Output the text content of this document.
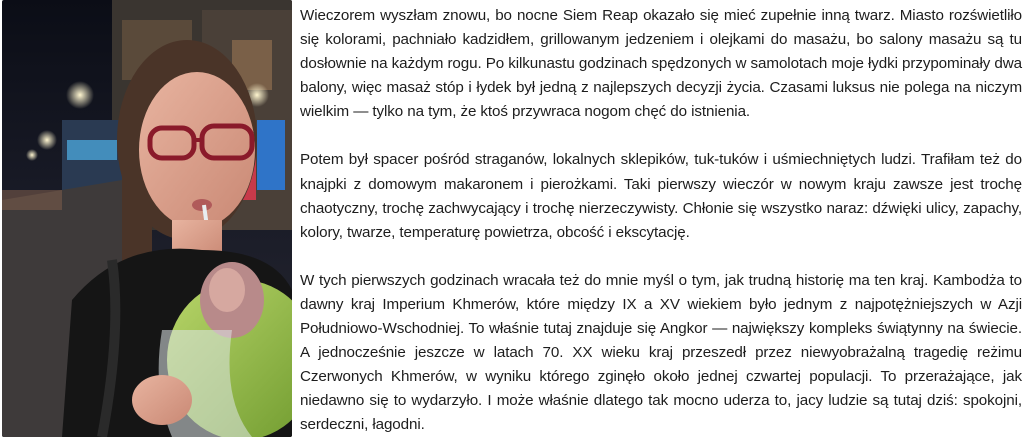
Wieczorem wyszłam znowu, bo nocne Siem Reap okazało się mieć zupełnie inną twarz. Miasto rozświetliło się kolorami, pachniało kadzidłem, grillowanym jedzeniem i olejkami do masażu, bo salony masażu są tu dosłownie na każdym rogu. Po kilkunastu godzinach spędzonych w samolotach moje łydki przypominały dwa balony, więc masaż stóp i łydek był jedną z najlepszych decyzji życia. Czasami luksus nie polega na niczym wielkim — tylko na tym, że ktoś przywraca nogom chęć do istnienia.

Potem był spacer pośród straganów, lokalnych sklepików, tuk-tuków i uśmiechniętych ludzi. Trafiłam też do knajpki z domowym makaronem i pierożkami. Taki pierwszy wieczór w nowym kraju zawsze jest trochę chaotyczny, trochę zachwycający i trochę nierzeczywisty. Chłonie się wszystko naraz: dźwięki ulicy, zapachy, kolory, twarze, temperaturę powietrza, obcość i ekscytację.

W tych pierwszych godzinach wracała też do mnie myśl o tym, jak trudną historię ma ten kraj. Kambodża to dawny kraj Imperium Khmerów, które między IX a XV wiekiem było jednym z najpotężniejszych w Azji Południowo-Wschodniej. To właśnie tutaj znajduje się Angkor — największy kompleks świątynny na świecie. A jednocześnie jeszcze w latach 70. XX wieku kraj przeszedł przez niewyobrażalną tragedię reżimu Czerwonych Khmerów, w wyniku którego zginęło około jednej czwartej populacji. To przerażające, jak niedawno się to wydarzyło. I może właśnie dlatego tak mocno uderza to, jacy ludzie są tutaj dziś: spokojni, serdeczni, łagodni.
